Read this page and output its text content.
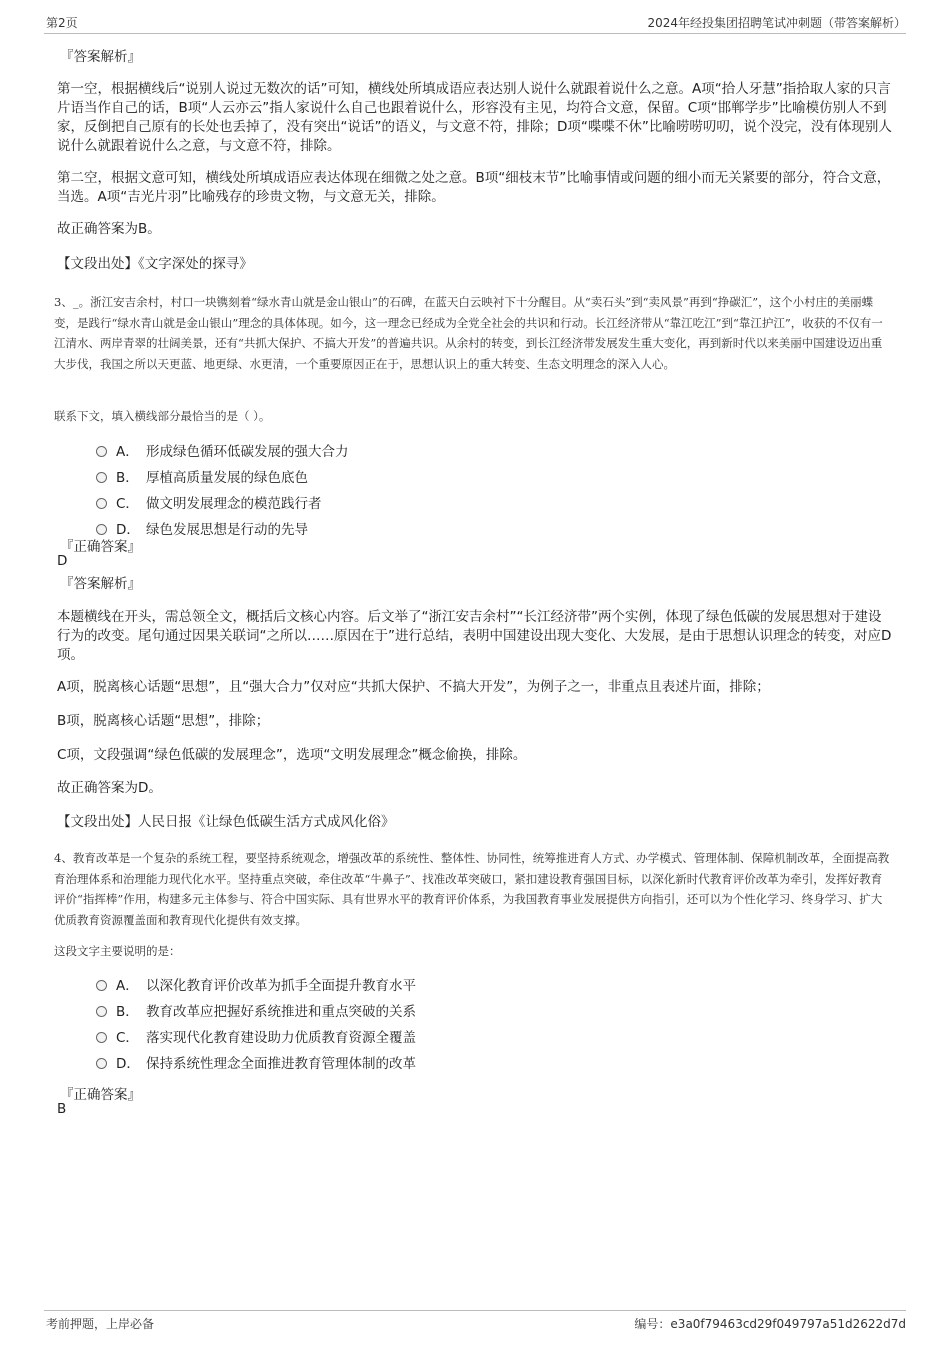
第2页	2024年经投集团招聘笔试冲刺题（带答案解析）
『答案解析』
第一空，根据横线后“说别人说过无数次的话”可知，横线处所填成语应表达别人说什么就跟着说什么之意。A项“拾人牙慧”指拾取人家的只言片语当作自己的话，B项“人云亦云”指人家说什么自己也跟着说什么，形容没有主见，均符合文意，保留。C项“邯郸学步”比喻模仿别人不到家，反倒把自己原有的长处也丢掉了，没有突出“说话”的语义，与文意不符，排除；D项“喋喋不休”比喻唠唠叨叨，说个没完，没有体现别人说什么就跟着说什么之意，与文意不符，排除。
第二空，根据文意可知，横线处所填成语应表达体现在细微之处之意。B项“细枝末节”比喻事情或问题的细小而无关紧要的部分，符合文意，当选。A项“吉光片羽”比喻残存的珍贵文物，与文意无关，排除。
故正确答案为B。
【文段出处】《文字深处的探寻》
3、_。浙江安吉余村，村口一块镌刻着“绿水青山就是金山银山”的石碑，在蓝天白云映衬下十分醒目。从“卖石头”到“卖风景”再到“挣碳汇”，这个小村庄的美丽蝶变，是践行“绿水青山就是金山银山”理念的具体体现。如今，这一理念已经成为全党全社会的共识和行动。长江经济带从“靠江吃江”到“靠江护江”，收获的不仅有一江清水、两岸青翠的壮阔美景，还有“共抓大保护、不搞大开发”的普遍共识。从余村的转变，到长江经济带发展发生重大变化，再到新时代以来美丽中国建设迈出重大步伐，我国之所以天更蓝、地更绿、水更清，一个重要原因正在于，思想认识上的重大转变、生态文明理念的深入人心。
联系下文，填入横线部分最恰当的是（ ）。
A． 形成绿色循环低碳发展的强大合力
B． 厚植高质量发展的绿色底色
C． 做文明发展理念的模范践行者
D． 绿色发展思想是行动的先导
『正确答案』
D
『答案解析』
本题横线在开头，需总领全文，概括后文核心内容。后文举了“浙江安吉余村”“长江经济带”两个实例，体现了绿色低碳的发展思想对于建设行为的改变。尾句通过因果关联词“之所以……原因在于”进行总结，表明中国建设出现大变化、大发展，是由于思想认识理念的转变，对应D项。
A项，脱离核心话题“思想”，且“强大合力”仅对应“共抓大保护、不搞大开发”，为例子之一，非重点且表述片面，排除；
B项，脱离核心话题“思想”，排除；
C项，文段强调“绿色低碳的发展理念”，选项“文明发展理念”概念偷换，排除。
故正确答案为D。
【文段出处】人民日报《让绿色低碳生活方式成风化俗》
4、教育改革是一个复杂的系统工程，要坚持系统观念，增强改革的系统性、整体性、协同性，统筹推进育人方式、办学模式、管理体制、保障机制改革，全面提高教育治理体系和治理能力现代化水平。坚持重点突破，牵住改革“牛鼻子”、找准改革突破口，紧扣建设教育强国目标，以深化新时代教育评价改革为牵引，发挥好教育评价“指挥棒”作用，构建多元主体参与、符合中国实际、具有世界水平的教育评价体系，为我国教育事业发展提供方向指引，还可以为个性化学习、终身学习、扩大优质教育资源覆盖面和教育现代化提供有效支撑。
这段文字主要说明的是：
A． 以深化教育评价改革为抓手全面提升教育水平
B． 教育改革应把握好系统推进和重点突破的关系
C． 落实现代化教育建设助力优质教育资源全覆盖
D． 保持系统性理念全面推进教育管理体制的改革
『正确答案』
B
考前押题，上岸必备	编号：e3a0f79463cd29f049797a51d2622d7d
